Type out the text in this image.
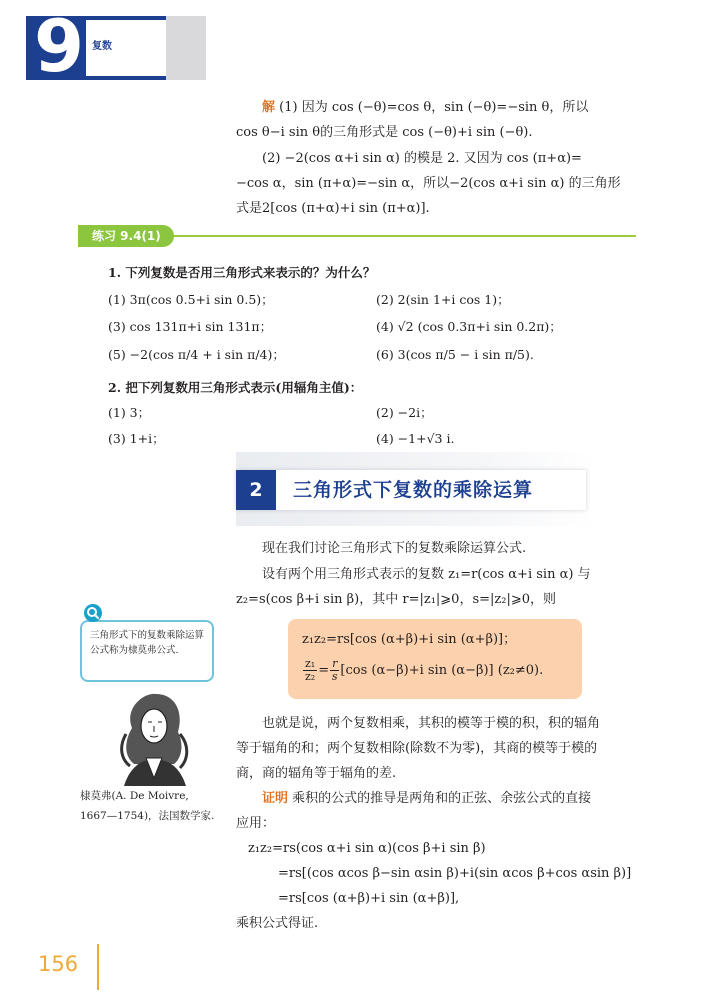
9 复数
解 (1) 因为 cos (−θ)=cos θ，sin (−θ)=−sin θ，所以
cos θ−i sin θ的三角形式是 cos (−θ)+i sin (−θ).
(2) −2(cos α+i sin α) 的模是 2. 又因为 cos (π+α)=
−cos α，sin (π+α)=−sin α，所以−2(cos α+i sin α) 的三角形
式是2[cos (π+α)+i sin (π+α)].
练习 9.4(1)
1. 下列复数是否用三角形式来表示的？为什么？
(1) 3π(cos 0.5+i sin 0.5)；	(2) 2(sin 1+i cos 1)；
(3) cos 131π+i sin 131π；	(4) √2 (cos 0.3π+i sin 0.2π)；
(5) −2(cos π/4 + i sin π/4)；	(6) 3(cos π/5 − i sin π/5).
2. 把下列复数用三角形式表示(用辐角主值)：
(1) 3；	(2) −2i；
(3) 1+i；	(4) −1+√3 i.
2	三角形式下复数的乘除运算
现在我们讨论三角形式下的复数乘除运算公式.
设有两个用三角形式表示的复数 z₁=r(cos α+i sin α) 与
z₂=s(cos β+i sin β)，其中 r=|z₁|⩾0，s=|z₂|⩾0，则
z₁z₂=rs[cos (α+β)+i sin (α+β)]；
$\frac{\text{z₁}}{\text{z₂}} = \frac{r}{s} [\cos$ (α−β)+i sin (α−β)] (z₂≠0).
三角形式下的复数乘除运算公式称为棣莫弗公式.
棣莫弗(A. De Moivre,
1667—1754)，法国数学家.
也就是说，两个复数相乘，其积的模等于模的积，积的辐角
等于辐角的和；两个复数相除(除数不为零)，其商的模等于模的
商，商的辐角等于辐角的差.
证明 乘积的公式的推导是两角和的正弦、余弦公式的直接
应用：
z₁z₂=rs(cos α+i sin α)(cos β+i sin β)
=rs[(cos αcos β−sin αsin β)+i(sin αcos β+cos αsin β)]
=rs[cos (α+β)+i sin (α+β)],
乘积公式得证.
156
